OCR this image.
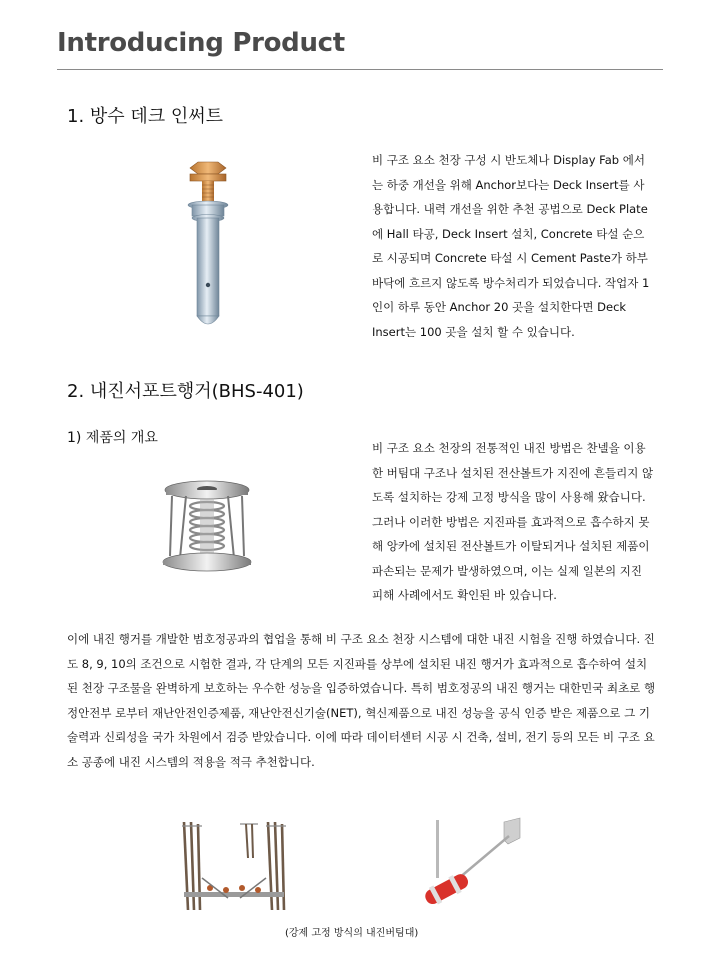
Introducing Product
1. 방수 데크 인써트

비 구조 요소 천장 구성 시 반도체나 Display Fab 에서는 하중 개선을 위해 Anchor보다는 Deck Insert를 사용합니다. 내력 개선을 위한 추천 공법으로 Deck Plate에 Hall 타공, Deck Insert 설치, Concrete 타설 순으로 시공되며 Concrete 타설 시 Cement Paste가 하부 바닥에 흐르지 않도록 방수처리가 되었습니다. 작업자 1인이 하루 동안 Anchor 20 곳을 설치한다면 Deck Insert는 100 곳을 설치 할 수 있습니다.

2. 내진서포트행거(BHS-401)
1) 제품의 개요

비 구조 요소 천장의 전통적인 내진 방법은 찬넬을 이용한 버팀대 구조나 설치된 전산볼트가 지진에 흔들리지 않도록 설치하는 강제 고정 방식을 많이 사용해 왔습니다. 그러나 이러한 방법은 지진파를 효과적으로 흡수하지 못해 앙카에 설치된 전산볼트가 이탈되거나 설치된 제품이 파손되는 문제가 발생하였으며, 이는 실제 일본의 지진 피해 사례에서도 확인된 바 있습니다.

이에 내진 행거를 개발한 범호정공과의 협업을 통해 비 구조 요소 천장 시스템에 대한 내진 시험을 진행 하였습니다. 진도 8, 9, 10의 조건으로 시험한 결과, 각 단계의 모든 지진파를 상부에 설치된 내진 행거가 효과적으로 흡수하여 설치된 천장 구조물을 완벽하게 보호하는 우수한 성능을 입증하였습니다. 특히 범호정공의 내진 행거는 대한민국 최초로 행정안전부 로부터 재난안전인증제품, 재난안전신기술(NET), 혁신제품으로 내진 성능을 공식 인증 받은 제품으로 그 기술력과 신뢰성을 국가 차원에서 검증 받았습니다. 이에 따라 데이터센터 시공 시 건축, 설비, 전기 등의 모든 비 구조 요소 공종에 내진 시스템의 적용을 적극 추천합니다.

(강제 고정 방식의 내진버팀대)
